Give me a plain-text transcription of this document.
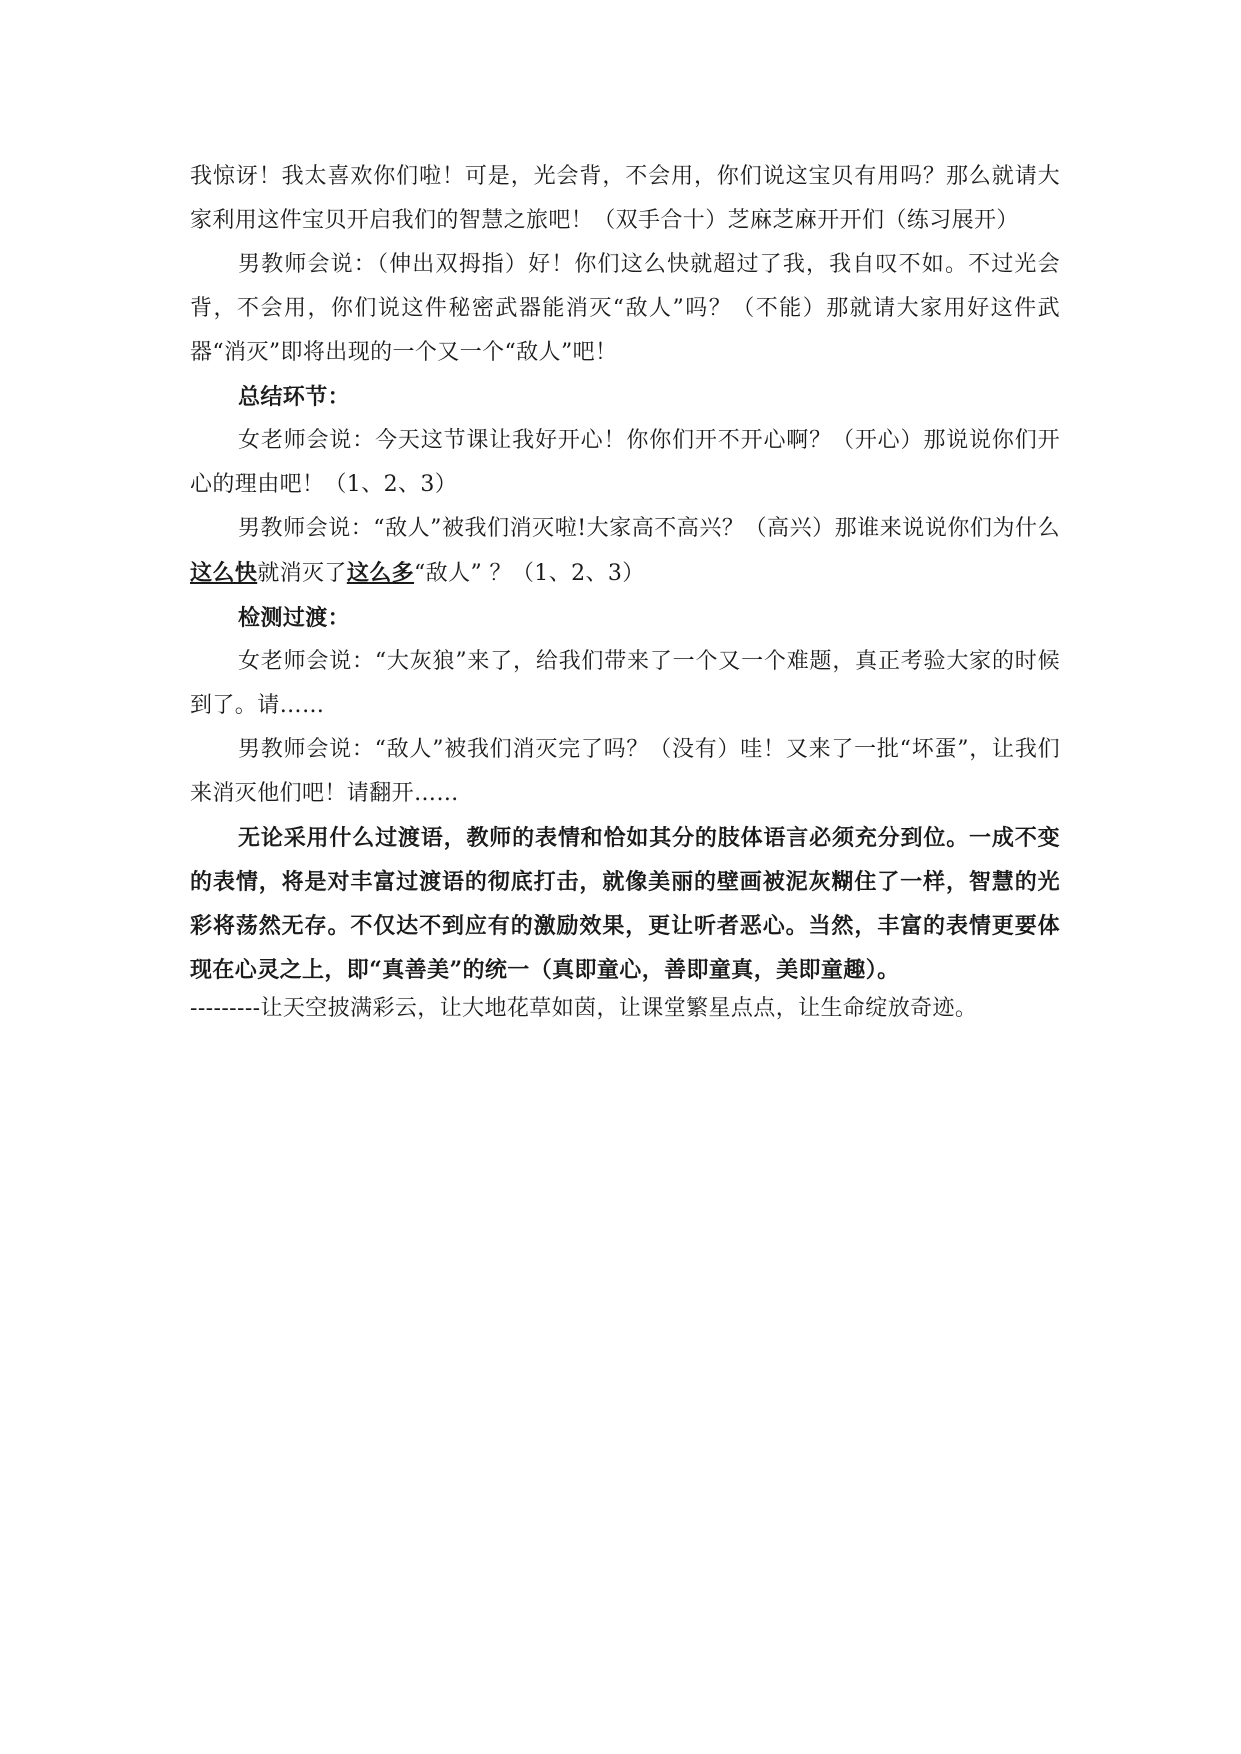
我惊讶！我太喜欢你们啦！可是，光会背，不会用，你们说这宝贝有用吗？那么就请大家利用这件宝贝开启我们的智慧之旅吧！（双手合十）芝麻芝麻开开们（练习展开）

男教师会说：（伸出双拇指）好！你们这么快就超过了我，我自叹不如。不过光会背，不会用，你们说这件秘密武器能消灭“敌人”吗？（不能）那就请大家用好这件武器“消灭”即将出现的一个又一个“敌人”吧！

总结环节：

女老师会说：今天这节课让我好开心！你你们开不开心啊？（开心）那说说你们开心的理由吧！（1、2、3）

男教师会说：“敌人”被我们消灭啦!大家高不高兴？（高兴）那谁来说说你们为什么这么快就消灭了这么多“敌人” ？（1、2、3）

检测过渡：

女老师会说：“大灰狼”来了，给我们带来了一个又一个难题，真正考验大家的时候到了。请……

男教师会说：“敌人”被我们消灭完了吗？（没有）哇！又来了一批“坏蛋”，让我们来消灭他们吧！请翻开……

无论采用什么过渡语，教师的表情和恰如其分的肢体语言必须充分到位。一成不变的表情，将是对丰富过渡语的彻底打击，就像美丽的壁画被泥灰糊住了一样，智慧的光彩将荡然无存。不仅达不到应有的激励效果，更让听者恶心。当然，丰富的表情更要体现在心灵之上，即“真善美”的统一（真即童心，善即童真，美即童趣）。

---------让天空披满彩云，让大地花草如茵，让课堂繁星点点，让生命绽放奇迹。
